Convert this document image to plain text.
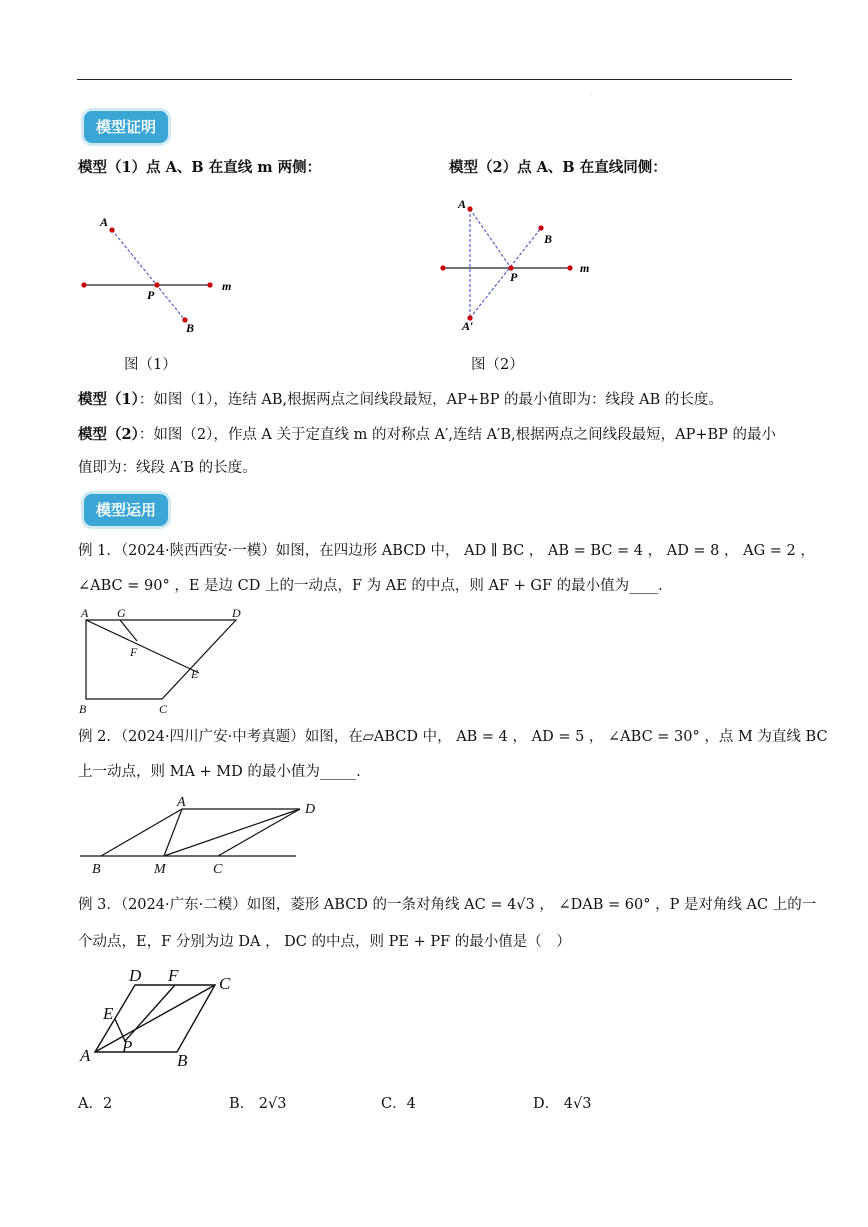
.
模型证明
模型（1）点 A、B 在直线 m 两侧：	模型（2）点 A、B 在直线同侧：
A
P
B
m
A
B
P
m
A′
A G	D
F
E
B	C
A	D
B	M	C
D F C
E
A P
B
图（1）	图（2）
模型（1）：如图（1），连结 AB,根据两点之间线段最短，AP+BP 的最小值即为：线段 AB 的长度。
模型（2）：如图（2），作点 A 关于定直线 m 的对称点 A′,连结 A′B,根据两点之间线段最短，AP+BP 的最小
值即为：线段 A′B 的长度。
模型运用
例 1．（2024·陕西西安·一模）如图，在四边形 ABCD 中， AD ∥ BC ， AB = BC = 4 ， AD = 8 ， AG = 2 ，
∠ABC = 90° ，E 是边 CD 上的一动点，F 为 AE 的中点，则 AF + GF 的最小值为____.
例 2．（2024·四川广安·中考真题）如图，在▱ABCD 中， AB = 4 ， AD = 5 ， ∠ABC = 30° ，点 M 为直线 BC
上一动点，则 MA + MD 的最小值为_____.
例 3．（2024·广东·二模）如图，菱形 ABCD 的一条对角线 AC = 4√3 ， ∠DAB = 60° ，P 是对角线 AC 上的一
个动点，E，F 分别为边 DA ， DC 的中点，则 PE + PF 的最小值是（　）
A．2	B． 2√3	C．4	D． 4√3
